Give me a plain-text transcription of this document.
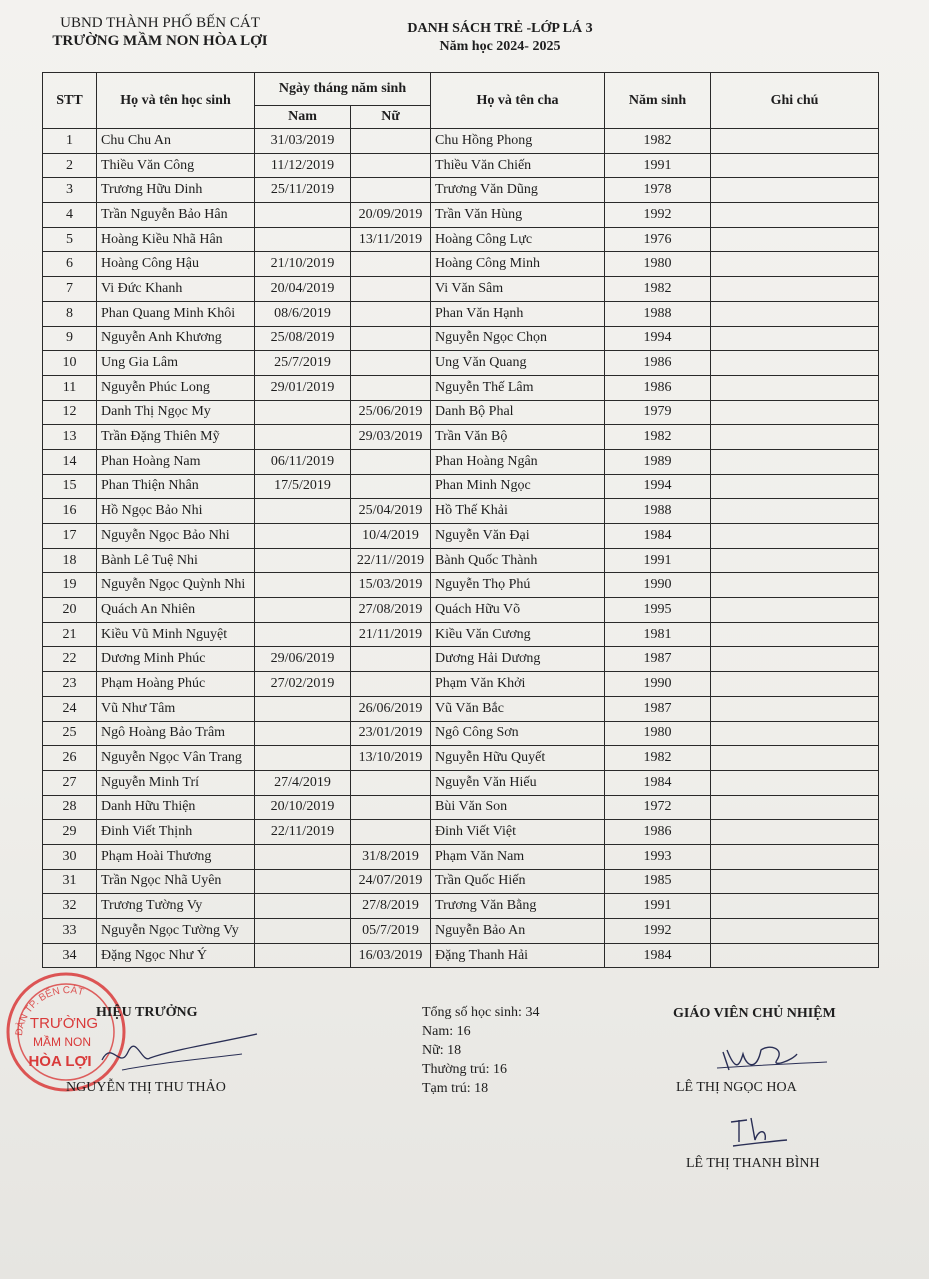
UBND THÀNH PHỐ BẾN CÁT
TRƯỜNG MẦM NON HÒA LỢI
DANH SÁCH TRẺ -LỚP LÁ 3
Năm học 2024- 2025
STT	Họ và tên học sinh	Ngày tháng năm sinh		Họ và tên cha	Năm sinh	Ghi chú
		Nam	Nữ			
1	Chu Chu An	31/03/2019		Chu Hồng Phong	1982	
2	Thiều Văn Công	11/12/2019		Thiều Văn Chiến	1991	
3	Trương Hữu Dinh	25/11/2019		Trương Văn Dũng	1978	
4	Trần Nguyễn Bảo Hân		20/09/2019	Trần Văn Hùng	1992	
5	Hoàng Kiều Nhã Hân		13/11/2019	Hoàng Công Lực	1976	
6	Hoàng Công Hậu	21/10/2019		Hoàng Công Minh	1980	
7	Vi Đức Khanh	20/04/2019		Vi Văn Sâm	1982	
8	Phan Quang Minh Khôi	08/6/2019		Phan Văn Hạnh	1988	
9	Nguyễn Anh Khương	25/08/2019		Nguyễn Ngọc Chọn	1994	
10	Ung Gia Lâm	25/7/2019		Ung Văn Quang	1986	
11	Nguyễn Phúc Long	29/01/2019		Nguyễn Thế Lâm	1986	
12	Danh Thị Ngọc My		25/06/2019	Danh Bộ Phal	1979	
13	Trần Đặng Thiên Mỹ		29/03/2019	Trần Văn Bộ	1982	
14	Phan Hoàng Nam	06/11/2019		Phan Hoàng Ngân	1989	
15	Phan Thiện Nhân	17/5/2019		Phan Minh Ngọc	1994	
16	Hồ Ngọc Bảo Nhi		25/04/2019	Hồ Thế Khải	1988	
17	Nguyễn Ngọc Bảo Nhi		10/4/2019	Nguyễn Văn Đại	1984	
18	Bành Lê Tuệ Nhi		22/11//2019	Bành Quốc Thành	1991	
19	Nguyễn Ngọc Quỳnh Nhi		15/03/2019	Nguyễn Thọ Phú	1990	
20	Quách An Nhiên		27/08/2019	Quách Hữu Võ	1995	
21	Kiều Vũ Minh Nguyệt		21/11/2019	Kiều Văn Cương	1981	
22	Dương Minh Phúc	29/06/2019		Dương Hải Dương	1987	
23	Phạm Hoàng Phúc	27/02/2019		Phạm Văn Khởi	1990	
24	Vũ Như Tâm		26/06/2019	Vũ Văn Bắc	1987	
25	Ngô Hoàng Bảo Trâm		23/01/2019	Ngô Công Sơn	1980	
26	Nguyễn Ngọc Vân Trang		13/10/2019	Nguyễn Hữu Quyết	1982	
27	Nguyễn Minh Trí	27/4/2019		Nguyễn Văn Hiếu	1984	
28	Danh Hữu Thiện	20/10/2019		Bùi Văn Son	1972	
29	Đinh Viết Thịnh	22/11/2019		Đinh Viết Việt	1986	
30	Phạm Hoài Thương		31/8/2019	Phạm Văn Nam	1993	
31	Trần Ngọc Nhã Uyên		24/07/2019	Trần Quốc Hiến	1985	
32	Trương Tường Vy		27/8/2019	Trương Văn Bằng	1991	
33	Nguyễn Ngọc Tường Vy		05/7/2019	Nguyễn Bảo An	1992	
34	Đặng Ngọc Như Ý		16/03/2019	Đặng Thanh Hải	1984	
ĐÀN TP. BẾN CÁT
TRƯỜNG
MẦM NON
HÒA LỢI
HIỆU TRƯỞNG
NGUYỄN THỊ THU THẢO
Tổng số học sinh: 34
Nam: 16
Nữ: 18
Thường trú: 16
Tạm trú: 18
GIÁO VIÊN CHỦ NHIỆM
LÊ THỊ NGỌC HOA
LÊ THỊ THANH BÌNH
